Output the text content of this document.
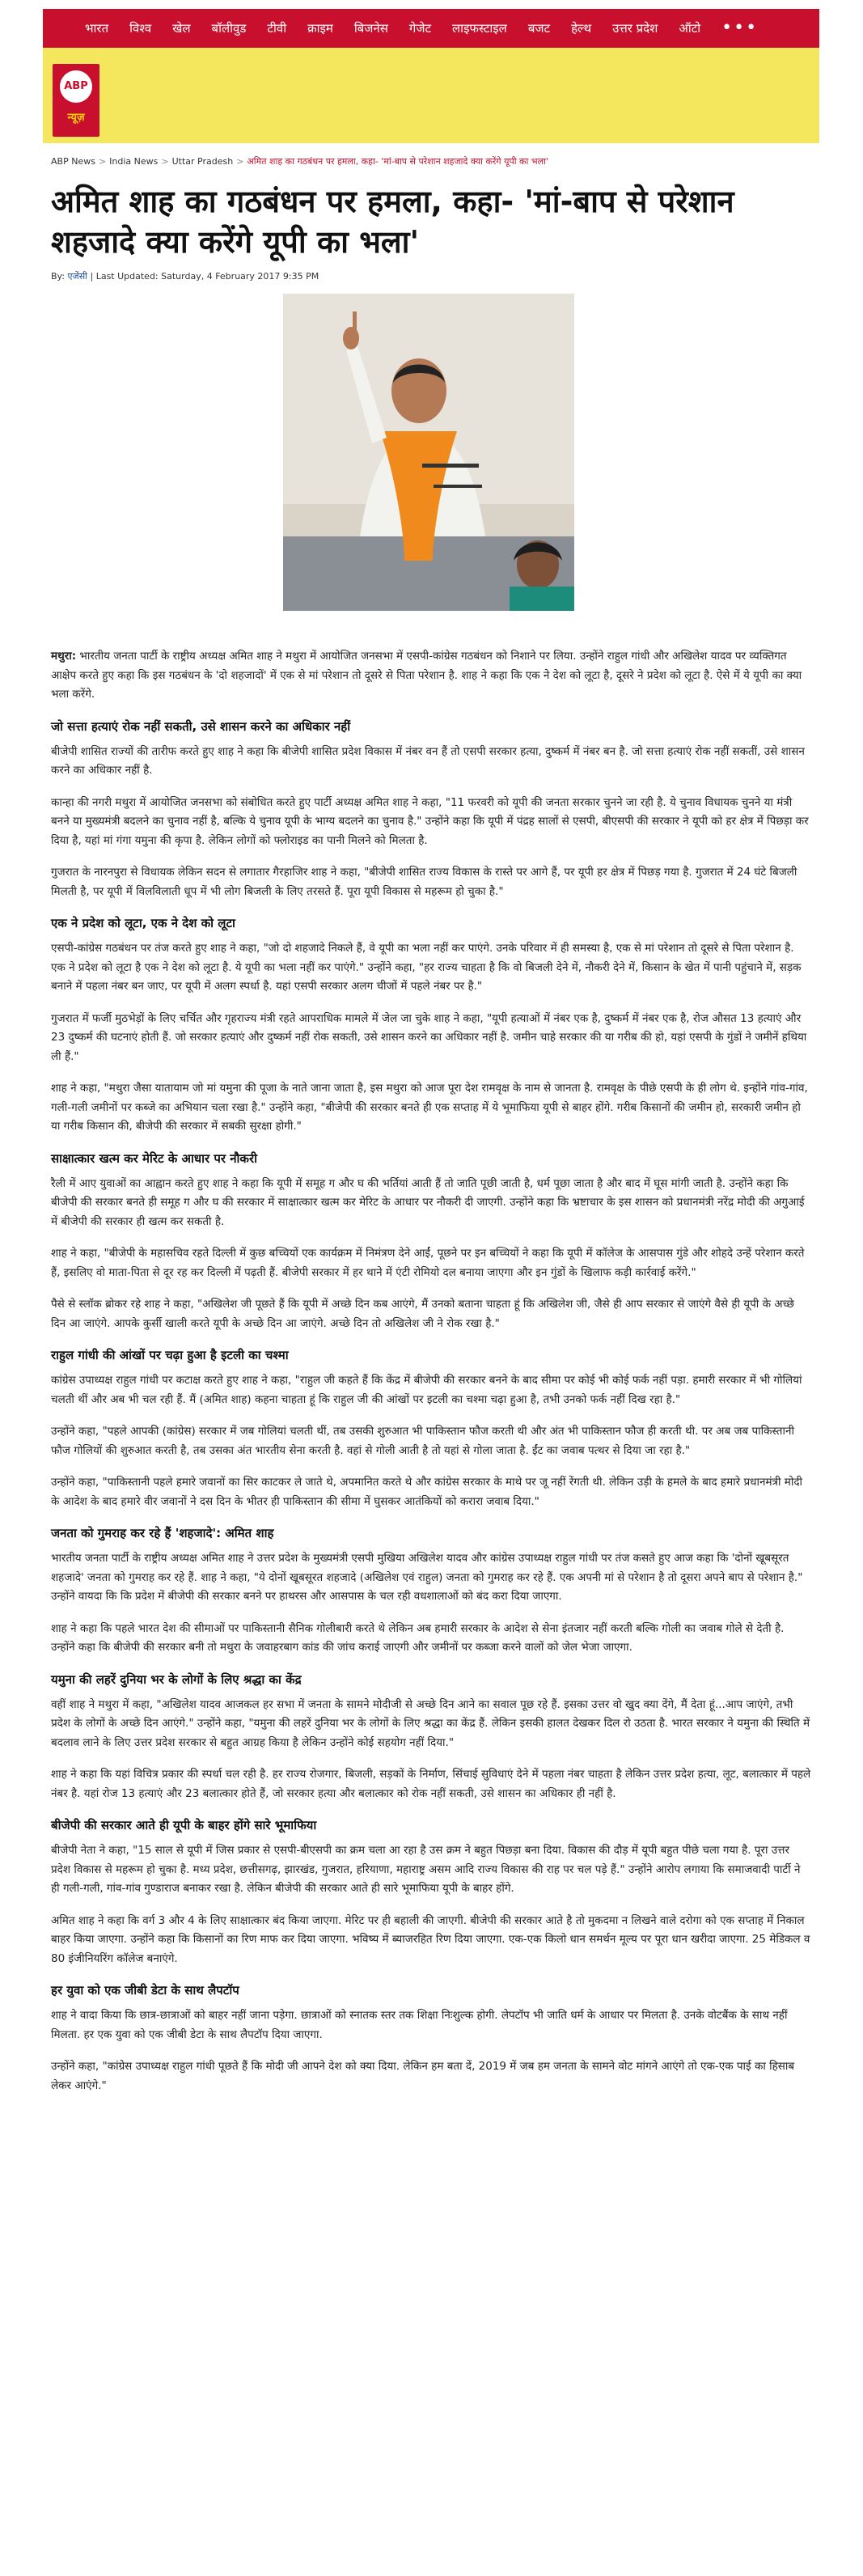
भारत विश्व खेल बॉलीवुड टीवी क्राइम बिजनेस गेजेट लाइफस्टाइल बजट हेल्थ उत्तर प्रदेश ऑटो •••
ABP
न्यूज़
ABP News > India News > Uttar Pradesh > अमित शाह का गठबंधन पर हमला, कहा- 'मां-बाप से परेशान शहजादे क्या करेंगे यूपी का भला'
अमित शाह का गठबंधन पर हमला, कहा- 'मां-बाप से परेशान शहजादे क्या करेंगे यूपी का भला'
By: एजेंसी | Last Updated: Saturday, 4 February 2017 9:35 PM

मथुरा: भारतीय जनता पार्टी के राष्ट्रीय अध्यक्ष अमित शाह ने मथुरा में आयोजित जनसभा में एसपी-कांग्रेस गठबंधन को निशाने पर लिया. उन्होंने राहुल गांधी और अखिलेश यादव पर व्यक्तिगत आक्षेप करते हुए कहा कि इस गठबंधन के 'दो शहजादों' में एक से मां परेशान तो दूसरे से पिता परेशान है. शाह ने कहा कि एक ने देश को लूटा है, दूसरे ने प्रदेश को लूटा है. ऐसे में ये यूपी का क्या भला करेंगे.

जो सत्ता हत्याएं रोक नहीं सकती, उसे शासन करने का अधिकार नहीं

बीजेपी शासित राज्यों की तारीफ करते हुए शाह ने कहा कि बीजेपी शासित प्रदेश विकास में नंबर वन हैं तो एसपी सरकार हत्या, दुष्कर्म में नंबर बन है. जो सत्ता हत्याएं रोक नहीं सकतीं, उसे शासन करने का अधिकार नहीं है.

कान्हा की नगरी मथुरा में आयोजित जनसभा को संबोधित करते हुए पार्टी अध्यक्ष अमित शाह ने कहा, "11 फरवरी को यूपी की जनता सरकार चुनने जा रही है. ये चुनाव विधायक चुनने या मंत्री बनने या मुख्यमंत्री बदलने का चुनाव नहीं है, बल्कि ये चुनाव यूपी के भाग्य बदलने का चुनाव है." उन्होंने कहा कि यूपी में पंद्रह सालों से एसपी, बीएसपी की सरकार ने यूपी को हर क्षेत्र में पिछड़ा कर दिया है, यहां मां गंगा यमुना की कृपा है. लेकिन लोगों को फ्लोराइड का पानी मिलने को मिलता है.

गुजरात के नारनपुरा से विधायक लेकिन सदन से लगातार गैरहाजिर शाह ने कहा, "बीजेपी शासित राज्य विकास के रास्ते पर आगे हैं, पर यूपी हर क्षेत्र में पिछड़ गया है. गुजरात में 24 घंटे बिजली मिलती है, पर यूपी में विलविलाती धूप में भी लोग बिजली के लिए तरसते हैं. पूरा यूपी विकास से महरूम हो चुका है."

एक ने प्रदेश को लूटा, एक ने देश को लूटा

एसपी-कांग्रेस गठबंधन पर तंज करते हुए शाह ने कहा, "जो दो शहजादे निकले हैं, वे यूपी का भला नहीं कर पाएंगे. उनके परिवार में ही समस्या है, एक से मां परेशान तो दूसरे से पिता परेशान है. एक ने प्रदेश को लूटा है एक ने देश को लूटा है. ये यूपी का भला नहीं कर पाएंगे." उन्होंने कहा, "हर राज्य चाहता है कि वो बिजली देने में, नौकरी देने में, किसान के खेत में पानी पहुंचाने में, सड़क बनाने में पहला नंबर बन जाए, पर यूपी में अलग स्पर्धा है. यहां एसपी सरकार अलग चीजों में पहले नंबर पर है."

गुजरात में फर्जी मुठभेड़ों के लिए चर्चित और गृहराज्य मंत्री रहते आपराधिक मामले में जेल जा चुके शाह ने कहा, "यूपी हत्याओं में नंबर एक है, दुष्कर्म में नंबर एक है, रोज औसत 13 हत्याएं और 23 दुष्कर्म की घटनाएं होती हैं. जो सरकार हत्याएं और दुष्कर्म नहीं रोक सकती, उसे शासन करने का अधिकार नहीं है. जमीन चाहे सरकार की या गरीब की हो, यहां एसपी के गुंडों ने जमीनें हथिया ली हैं."

शाह ने कहा, "मथुरा जैसा यातायाम जो मां यमुना की पूजा के नाते जाना जाता है, इस मथुरा को आज पूरा देश रामवृक्ष के नाम से जानता है. रामवृक्ष के पीछे एसपी के ही लोग थे. इन्होंने गांव-गांव, गली-गली जमीनों पर कब्जे का अभियान चला रखा है." उन्होंने कहा, "बीजेपी की सरकार बनते ही एक सप्ताह में ये भूमाफिया यूपी से बाहर होंगे. गरीब किसानों की जमीन हो, सरकारी जमीन हो या गरीब किसान की, बीजेपी की सरकार में सबकी सुरक्षा होगी."

साक्षात्कार खत्म कर मेरिट के आधार पर नौकरी

रैली में आए युवाओं का आह्वान करते हुए शाह ने कहा कि यूपी में समूह ग और घ की भर्तियां आती हैं तो जाति पूछी जाती है, धर्म पूछा जाता है और बाद में घूस मांगी जाती है. उन्होंने कहा कि बीजेपी की सरकार बनते ही समूह ग और घ की सरकार में साक्षात्कार खत्म कर मेरिट के आधार पर नौकरी दी जाएगी. उन्होंने कहा कि भ्रष्टाचार के इस शासन को प्रधानमंत्री नरेंद्र मोदी की अगुआई में बीजेपी की सरकार ही खत्म कर सकती है.

शाह ने कहा, "बीजेपी के महासचिव रहते दिल्ली में कुछ बच्चियों एक कार्यक्रम में निमंत्रण देने आईं, पूछने पर इन बच्चियों ने कहा कि यूपी में कॉलेज के आसपास गुंडे और शोहदे उन्हें परेशान करते हैं, इसलिए वो माता-पिता से दूर रह कर दिल्ली में पढ़ती हैं. बीजेपी सरकार में हर थाने में एंटी रोमियो दल बनाया जाएगा और इन गुंडों के खिलाफ कड़ी कार्रवाई करेंगे."

पैसे से स्लॉक ब्रोकर रहे शाह ने कहा, "अखिलेश जी पूछते हैं कि यूपी में अच्छे दिन कब आएंगे, मैं उनको बताना चाहता हूं कि अखिलेश जी, जैसे ही आप सरकार से जाएंगे वैसे ही यूपी के अच्छे दिन आ जाएंगे. आपके कुर्सी खाली करते यूपी के अच्छे दिन आ जाएंगे. अच्छे दिन तो अखिलेश जी ने रोक रखा है."

राहुल गांधी की आंखों पर चढ़ा हुआ है इटली का चश्मा

कांग्रेस उपाध्यक्ष राहुल गांधी पर कटाक्ष करते हुए शाह ने कहा, "राहुल जी कहते हैं कि केंद्र में बीजेपी की सरकार बनने के बाद सीमा पर कोई भी कोई फर्क नहीं पड़ा. हमारी सरकार में भी गोलियां चलती थीं और अब भी चल रही हैं. मैं (अमित शाह) कहना चाहता हूं कि राहुल जी की आंखों पर इटली का चश्मा चढ़ा हुआ है, तभी उनको फर्क नहीं दिख रहा है."

उन्होंने कहा, "पहले आपकी (कांग्रेस) सरकार में जब गोलियां चलती थीं, तब उसकी शुरुआत भी पाकिस्तान फौज करती थी और अंत भी पाकिस्तान फौज ही करती थी. पर अब जब पाकिस्तानी फौज गोलियों की शुरुआत करती है, तब उसका अंत भारतीय सेना करती है. वहां से गोली आती है तो यहां से गोला जाता है. ईंट का जवाब पत्थर से दिया जा रहा है."

उन्होंने कहा, "पाकिस्तानी पहले हमारे जवानों का सिर काटकर ले जाते थे, अपमानित करते थे और कांग्रेस सरकार के माथे पर जू नहीं रेंगती थी. लेकिन उड़ी के हमले के बाद हमारे प्रधानमंत्री मोदी के आदेश के बाद हमारे वीर जवानों ने दस दिन के भीतर ही पाकिस्तान की सीमा में घुसकर आतंकियों को करारा जवाब दिया."

जनता को गुमराह कर रहे हैं 'शहजादे': अमित शाह

भारतीय जनता पार्टी के राष्ट्रीय अध्यक्ष अमित शाह ने उत्तर प्रदेश के मुख्यमंत्री एसपी मुखिया अखिलेश यादव और कांग्रेस उपाध्यक्ष राहुल गांधी पर तंज कसते हुए आज कहा कि 'दोनों खूबसूरत शहजादे' जनता को गुमराह कर रहे हैं. शाह ने कहा, "ये दोनों खूबसूरत शहजादे (अखिलेश एवं राहुल) जनता को गुमराह कर रहे हैं. एक अपनी मां से परेशान है तो दूसरा अपने बाप से परेशान है." उन्होंने वायदा कि कि प्रदेश में बीजेपी की सरकार बनने पर हाथरस और आसपास के चल रही वधशालाओं को बंद करा दिया जाएगा.

शाह ने कहा कि पहले भारत देश की सीमाओं पर पाकिस्तानी सैनिक गोलीबारी करते थे लेकिन अब हमारी सरकार के आदेश से सेना इंतजार नहीं करती बल्कि गोली का जवाब गोले से देती है. उन्होंने कहा कि बीजेपी की सरकार बनी तो मथुरा के जवाहरबाग कांड की जांच कराई जाएगी और जमीनों पर कब्जा करने वालों को जेल भेजा जाएगा.

यमुना की लहरें दुनिया भर के लोगों के लिए श्रद्धा का केंद्र

वहीं शाह ने मथुरा में कहा, "अखिलेश यादव आजकल हर सभा में जनता के सामने मोदीजी से अच्छे दिन आने का सवाल पूछ रहे हैं. इसका उत्तर वो खुद क्या देंगे, मैं देता हूं...आप जाएंगे, तभी प्रदेश के लोगों के अच्छे दिन आएंगे." उन्होंने कहा, "यमुना की लहरें दुनिया भर के लोगों के लिए श्रद्धा का केंद्र हैं. लेकिन इसकी हालत देखकर दिल रो उठता है. भारत सरकार ने यमुना की स्थिति में बदलाव लाने के लिए उत्तर प्रदेश सरकार से बहुत आग्रह किया है लेकिन उन्होंने कोई सहयोग नहीं दिया."

शाह ने कहा कि यहां विचित्र प्रकार की स्पर्धा चल रही है. हर राज्य रोजगार, बिजली, सड़कों के निर्माण, सिंचाई सुविधाएं देने में पहला नंबर चाहता है लेकिन उत्तर प्रदेश हत्या, लूट, बलात्कार में पहले नंबर है. यहां रोज 13 हत्याएं और 23 बलात्कार होते हैं, जो सरकार हत्या और बलात्कार को रोक नहीं सकती, उसे शासन का अधिकार ही नहीं है.

बीजेपी की सरकार आते ही यूपी के बाहर होंगे सारे भूमाफिया

बीजेपी नेता ने कहा, "15 साल से यूपी में जिस प्रकार से एसपी-बीएसपी का क्रम चला आ रहा है उस क्रम ने बहुत पिछड़ा बना दिया. विकास की दौड़ में यूपी बहुत पीछे चला गया है. पूरा उत्तर प्रदेश विकास से महरूम हो चुका है. मध्य प्रदेश, छत्तीसगढ़, झारखंड, गुजरात, हरियाणा, महाराष्ट्र असम आदि राज्य विकास की राह पर चल पड़े हैं." उन्होंने आरोप लगाया कि समाजवादी पार्टी ने ही गली-गली, गांव-गांव गुण्डाराज बनाकर रखा है. लेकिन बीजेपी की सरकार आते ही सारे भूमाफिया यूपी के बाहर होंगे.

अमित शाह ने कहा कि वर्ग 3 और 4 के लिए साक्षात्कार बंद किया जाएगा. मेरिट पर ही बहाली की जाएगी. बीजेपी की सरकार आते है तो मुकदमा न लिखने वाले दरोगा को एक सप्ताह में निकाल बाहर किया जाएगा. उन्होंने कहा कि किसानों का रिण माफ कर दिया जाएगा. भविष्य में ब्याजरहित रिण दिया जाएगा. एक-एक किलो धान समर्थन मूल्य पर पूरा धान खरीदा जाएगा. 25 मेडिकल व 80 इंजीनियरिंग कॉलेज बनाएंगे.

हर युवा को एक जीबी डेटा के साथ लैपटॉप

शाह ने वादा किया कि छात्र-छात्राओं को बाहर नहीं जाना पड़ेगा. छात्राओं को स्नातक स्तर तक शिक्षा निःशुल्क होगी. लेपटॉप भी जाति धर्म के आधार पर मिलता है. उनके वोटबैंक के साथ नहीं मिलता. हर एक युवा को एक जीबी डेटा के साथ लैपटॉप दिया जाएगा.

उन्होंने कहा, "कांग्रेस उपाध्यक्ष राहुल गांधी पूछते हैं कि मोदी जी आपने देश को क्या दिया. लेकिन हम बता दें, 2019 में जब हम जनता के सामने वोट मांगने आएंगे तो एक-एक पाई का हिसाब लेकर आएंगे."
